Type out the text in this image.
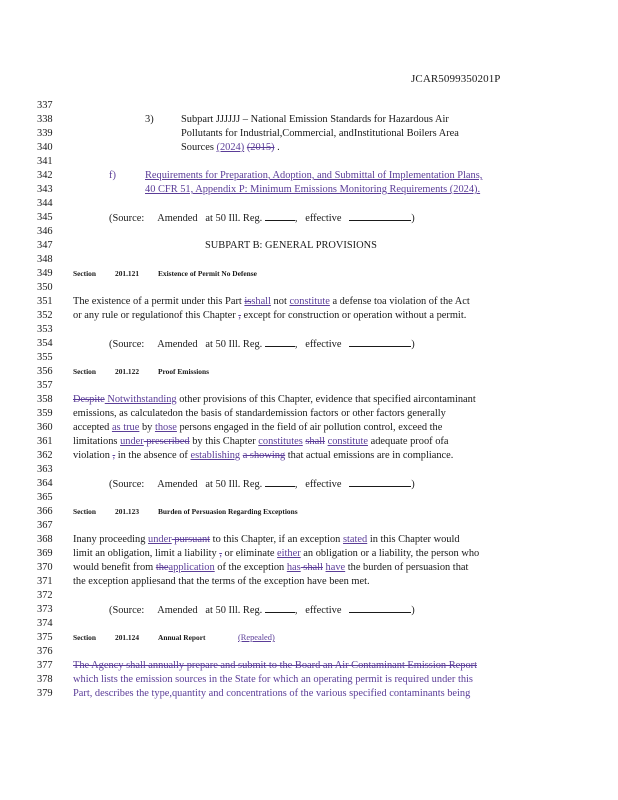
JCAR5099350201P
337
338	3)	Subpart JJJJJJ – National Emission Standards for Hazardous Air
339	Pollutants for Industrial,Commercial, andInstitutional Boilers Area
340	Sources (2024) (2015) .
341
342	f)	Requirements for Preparation, Adoption, and Submittal of Implementation Plans,
343	40 CFR 51, Appendix P: Minimum Emissions Monitoring Requirements (2024).
344
345	(Source: Amended at 50 Ill. Reg.	, effective	)
346
347	SUBPART B: GENERAL PROVISIONS
348
349	Section	201.121	Existence of Permit No Defense
350
351	The existence of a permit under this Part isshall not constitute a defense toa violation of the Act
352	or any rule or regulationof this Chapter , except for construction or operation without a permit.
353
354	(Source: Amended at 50 Ill. Reg.	, effective	)
355
356	Section	201.122	Proof Emissions
357
358	Despite Notwithstanding other provisions of this Chapter, evidence that specified aircontaminant
359	emissions, as calculatedon the basis of standardemission factors or other factors generally
360	accepted as true by those persons engaged in the field of air pollution control, exceed the
361	limitations under prescribed by this Chapter constitutes shall constitute adequate proof ofa
362	violation , in the absence of establishing a showing that actual emissions are in compliance.
363
364	(Source: Amended at 50 Ill. Reg.	, effective	)
365
366	Section	201.123	Burden of Persuasion Regarding Exceptions
367
368	Inany proceeding under pursuant to this Chapter, if an exception stated in this Chapter would
369	limit an obligation, limit a liability , or eliminate either an obligation or a liability, the person who
370	would benefit from theapplication of the exception has shall have the burden of persuasion that
371	the exception appliesand that the terms of the exception have been met.
372
373	(Source: Amended at 50 Ill. Reg.	, effective	)
374
375	Section	201.124	Annual Report	(Repealed)
376
377	The Agency shall annually prepare and submit to the Board an Air Contaminant Emission Report
378	which lists the emission sources in the State for which an operating permit is required under this
379	Part, describes the type,quantity and concentrations of the various specified contaminants being
